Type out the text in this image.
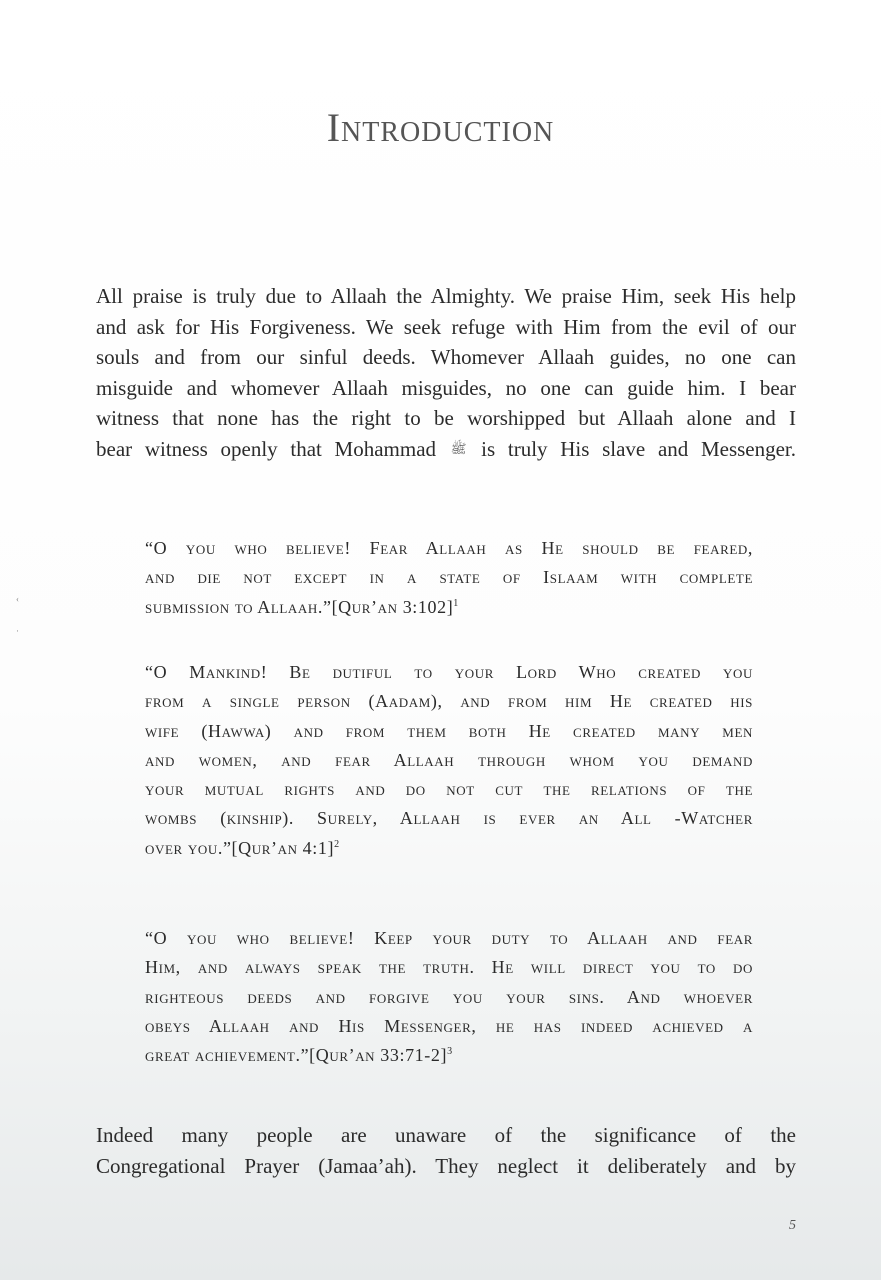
Introduction
All praise is truly due to Allaah the Almighty. We praise Him, seek His help
and ask for His Forgiveness. We seek refuge with Him from the evil of our
souls and from our sinful deeds. Whomever Allaah guides, no one can
misguide and whomever Allaah misguides, no one can guide him. I bear
witness that none has the right to be worshipped but Allaah alone and I
bear witness openly that Mohammad ﷺ is truly His slave and Messenger.
“O you who believe! Fear Allaah as He should be feared,
and die not except in a state of Islaam with complete
submission to Allaah.”[Qur’an 3:102]$^1$
“O Mankind! Be dutiful to your Lord Who created you
from a single person (Aadam), and from him He created his
wife (Hawwa) and from them both He created many men
and women, and fear Allaah through whom you demand
your mutual rights and do not cut the relations of the
wombs (kinship). Surely, Allaah is ever an All -Watcher
over you.”[Qur’an 4:1]$^2$
“O you who believe! Keep your duty to Allaah and fear
Him, and always speak the truth. He will direct you to do
righteous deeds and forgive you your sins. And whoever
obeys Allaah and His Messenger, he has indeed achieved a
great achievement.”[Qur’an 33:71-2]$^3$
Indeed many people are unaware of the significance of the
Congregational Prayer (Jamaa’ah). They neglect it deliberately and by
‹
·
5
